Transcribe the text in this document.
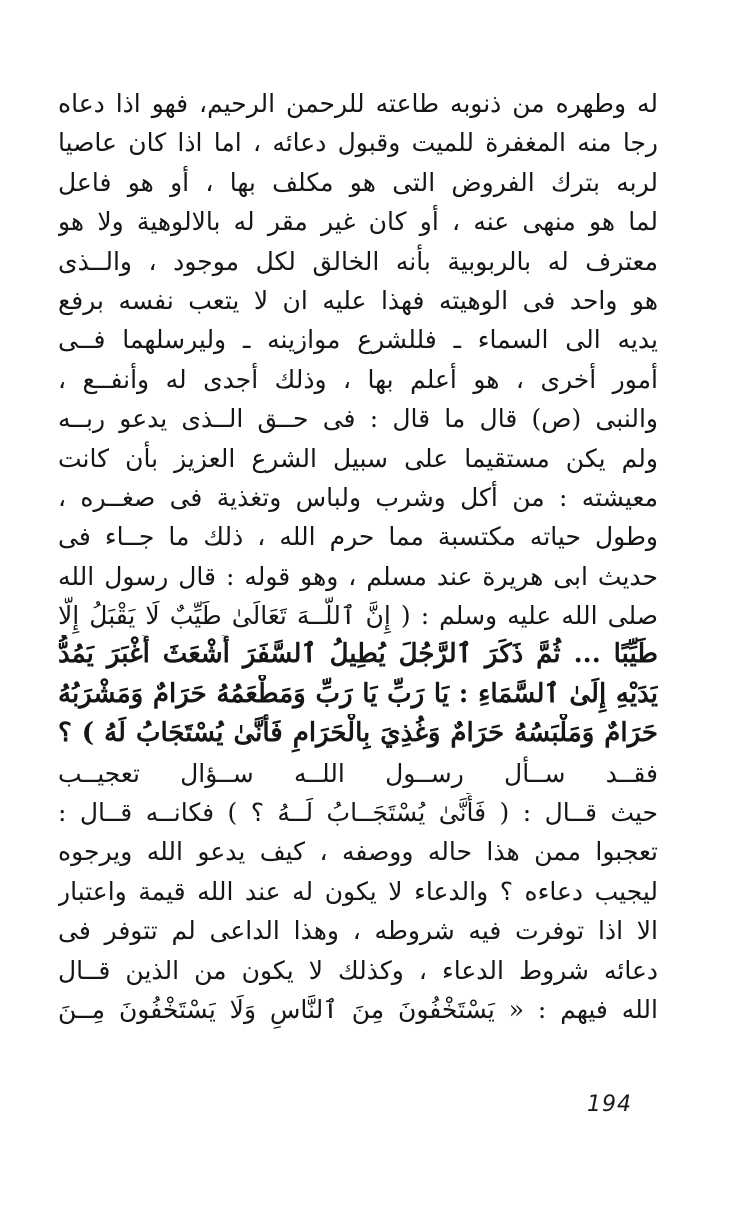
له وطهره من ذنوبه طاعته للرحمن الرحيم، فهو اذا دعاه
رجا منه المغفرة للميت وقبول دعائه ، اما اذا كان عاصيا
لربه بترك الفروض التى هو مكلف بها ، أو هو فاعل
لما هو منهى عنه ، أو كان غير مقر له بالالوهية ولا هو
معترف له بالربوبية بأنه الخالق لكل موجود ، والــذى
هو واحد فى الوهيته فهذا عليه ان لا يتعب نفسه برفع
يديه الى السماء ـ فللشرع موازينه ـ وليرسلهما فــى
أمور أخرى ، هو أعلم بها ، وذلك أجدى له وأنفــع ،
والنبى (ص) قال ما قال : فى حــق الــذى يدعو ربــه
ولم يكن مستقيما على سبيل الشرع العزيز بأن كانت
معيشته : من أكل وشرب ولباس وتغذية فى صغــره ،
وطول حياته مكتسبة مما حرم الله ، ذلك ما جــاء فى
حديث ابى هريرة عند مسلم ، وهو قوله : قال رسول الله
صلى الله عليه وسلم : ( إِنَّ ٱللَّــهَ تَعَالَىٰ طَيِّبٌ لَا يَقْبَلُ إِلَّا
طَيِّبًا ... ثُمَّ ذَكَرَ ٱلرَّجُلَ يُطِيلُ ٱلسَّفَرَ أَشْعَثَ أَغْبَرَ يَمُدُّ
يَدَيْهِ إِلَىٰ ٱلسَّمَاءِ : يَا رَبِّ يَا رَبِّ وَمَطْعَمُهُ حَرَامٌ وَمَشْرَبُهُ
حَرَامٌ وَمَلْبَسُهُ حَرَامٌ وَغُذِيَ بِالْحَرَامِ فَأَنَّىٰ يُسْتَجَابُ لَهُ ) ؟
فقــد ســأل رســول اللــه ســؤال تعجيــب
حيث قــال : ( فَأَنَّىٰ يُسْتَجَــابُ لَــهُ ؟ ) فكانــه قــال :
تعجبوا ممن هذا حاله ووصفه ، كيف يدعو الله ويرجوه
ليجيب دعاءه ؟ والدعاء لا يكون له عند الله قيمة واعتبار
الا اذا توفرت فيه شروطه ، وهذا الداعى لم تتوفر فى
دعائه شروط الدعاء ، وكذلك لا يكون من الذين قــال
الله فيهم : « يَسْتَخْفُونَ مِنَ ٱلنَّاسِ وَلَا يَسْتَخْفُونَ مِــنَ
194
